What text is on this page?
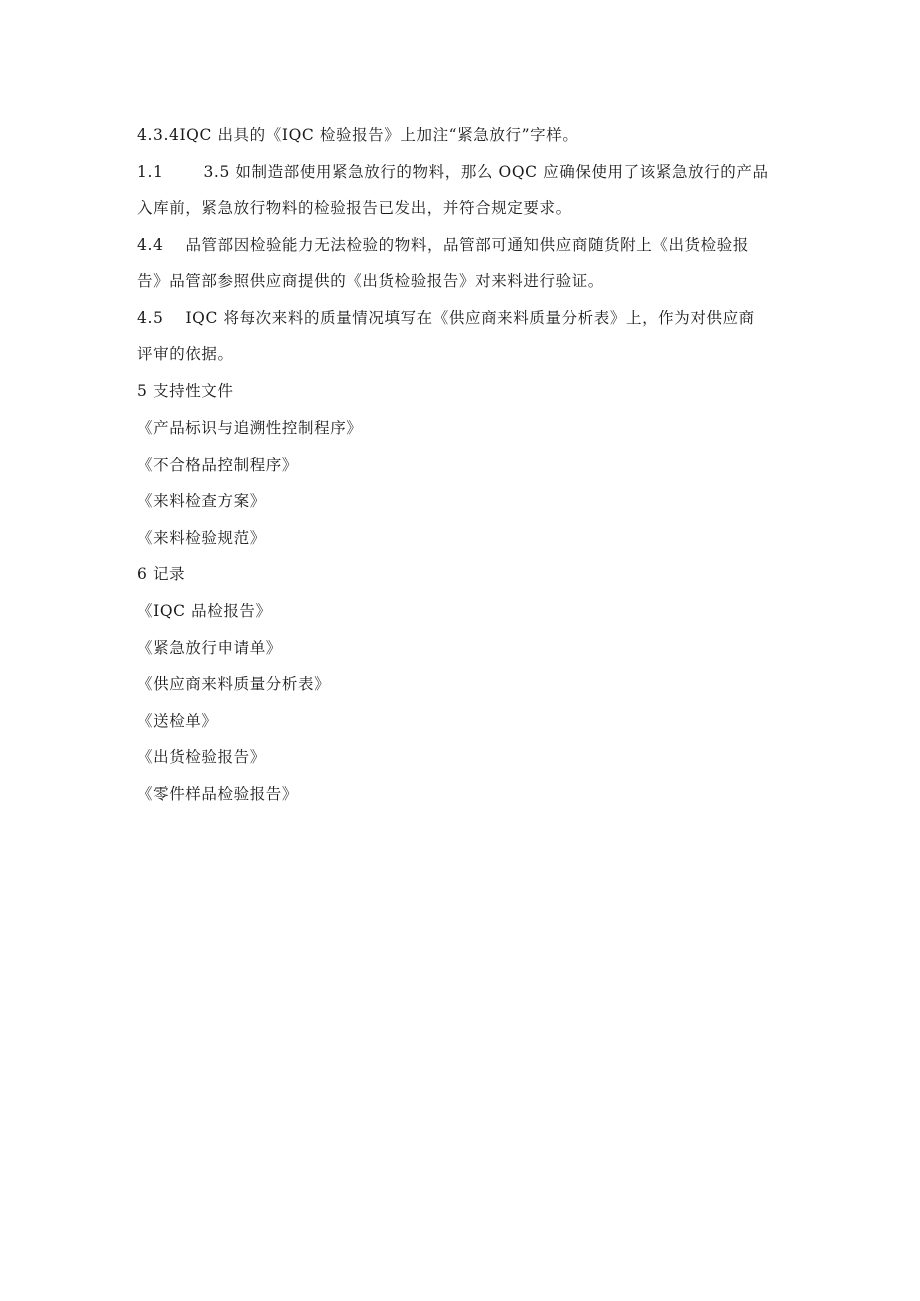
4.3.4IQC 出具的《IQC 检验报告》上加注“紧急放行”字样。
1.1	3.5 如制造部使用紧急放行的物料，那么 OQC 应确保使用了该紧急放行的产品
入库前，紧急放行物料的检验报告已发出，并符合规定要求。
4.4 品管部因检验能力无法检验的物料，品管部可通知供应商随货附上《出货检验报
告》品管部参照供应商提供的《出货检验报告》对来料进行验证。
4.5 IQC 将每次来料的质量情况填写在《供应商来料质量分析表》上，作为对供应商
评审的依据。
5 支持性文件
《产品标识与追溯性控制程序》
《不合格品控制程序》
《来料检查方案》
《来料检验规范》
6 记录
《IQC 品检报告》
《紧急放行申请单》
《供应商来料质量分析表》
《送检单》
《出货检验报告》
《零件样品检验报告》
